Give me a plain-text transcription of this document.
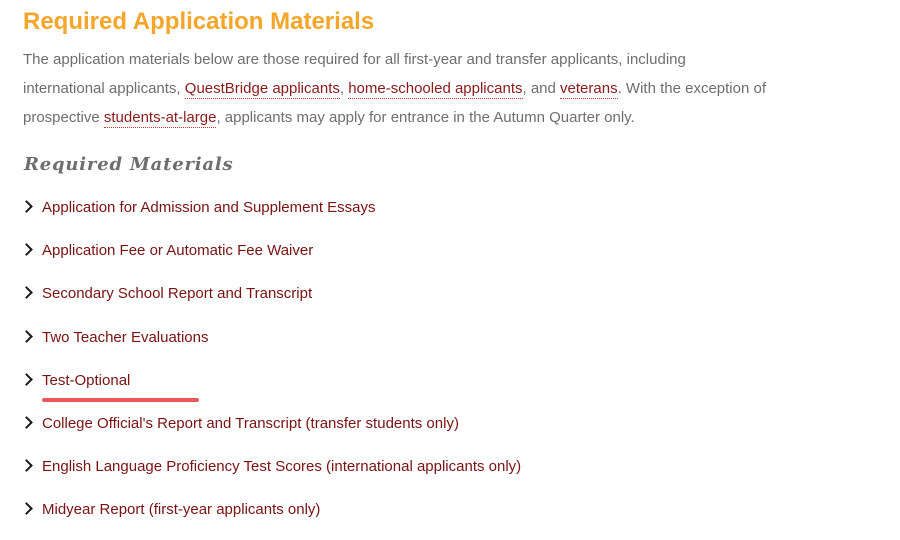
Required Application Materials

The application materials below are those required for all first-year and transfer applicants, including
international applicants, QuestBridge applicants, home-schooled applicants, and veterans. With the exception of
prospective students-at-large, applicants may apply for entrance in the Autumn Quarter only.

Required Materials
Application for Admission and Supplement Essays
Application Fee or Automatic Fee Waiver
Secondary School Report and Transcript
Two Teacher Evaluations
Test-Optional
College Official's Report and Transcript (transfer students only)
English Language Proficiency Test Scores (international applicants only)
Midyear Report (first-year applicants only)
